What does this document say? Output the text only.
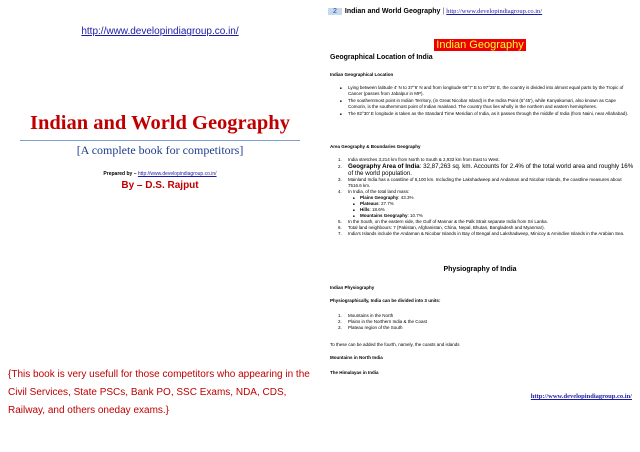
http://www.developindiagroup.co.in/
Indian and World Geography
[A complete book for competitors]
Prepared by – http://www.developindiagroup.co.in/
By – D.S. Rajput
{This book is very usefull for those competitors who appearing in the Civil Services, State PSCs, Bank PO, SSC Exams, NDA, CDS, Railway, and others oneday exams.}
2 Indian and World Geography | http://www.developindiagroup.co.in/
Indian Geography
Geographical Location of India
Indian Geographical Location
■ Lying between latitude 4' N to 37°6' N and from longitude 68°7' E to 97°25' E, the country is divided into almost equal parts by the Tropic of Cancer (passes from Jabalpur in MP).
■ The southernmost point in Indian Territory, (in Great Nicobar Island) is the Indira Point (6°45'), while Kanyakumari, also known as Cape Comorin, is the southernmost point of Indian mainland. The country thus lies wholly in the northern and eastern hemispheres.
■ The 82°30' E longitude is taken as the Standard Time Meridian of India, as it passes through the middle of India (from Naini, near Allahabad).
Area Geography & Boundaries Geography
1. India stretches 3,214 km from North to South & 2,933 km from East to West.
2. Geography Area of India: 32,87,263 sq. km. Accounts for 2.4% of the total world area and roughly 16% of the world population.
3. Mainland India has a coastline of 6,100 km. Including the Lakshadweep and Andaman and Nicobar Islands, the coastline measures about 7516.6 km.
4. In India, of the total land mass:
■ Plains Geography: 43.3%
■ Plateaus: 27.7%
■ Hills: 18.6%
■ Mountains Geography: 10.7%
5. In the South, on the eastern side, the Gulf of Mannar & the Palk Strait separate India from Sri Lanka.
6. Total land neighbours: 7 (Pakistan, Afghanistan, China, Nepal, Bhutan, Bangladesh and Myanmar).
7. India's Islands include the Andaman & Nicobar Islands in Bay of Bengal and Lakshadweep, Minicoy & Amindive Islands in the Arabian Sea.
Physiography of India
Indian Physiography
Physiographically, India can be divided into 3 units:
1. Mountains in the North
2. Plains in the Northern India & the Coast
3. Plateau region of the South
To these can be added the fourth, namely, the coasts and islands
Mountains in North India
The Himalayas in India
http://www.developindiagroup.co.in/
